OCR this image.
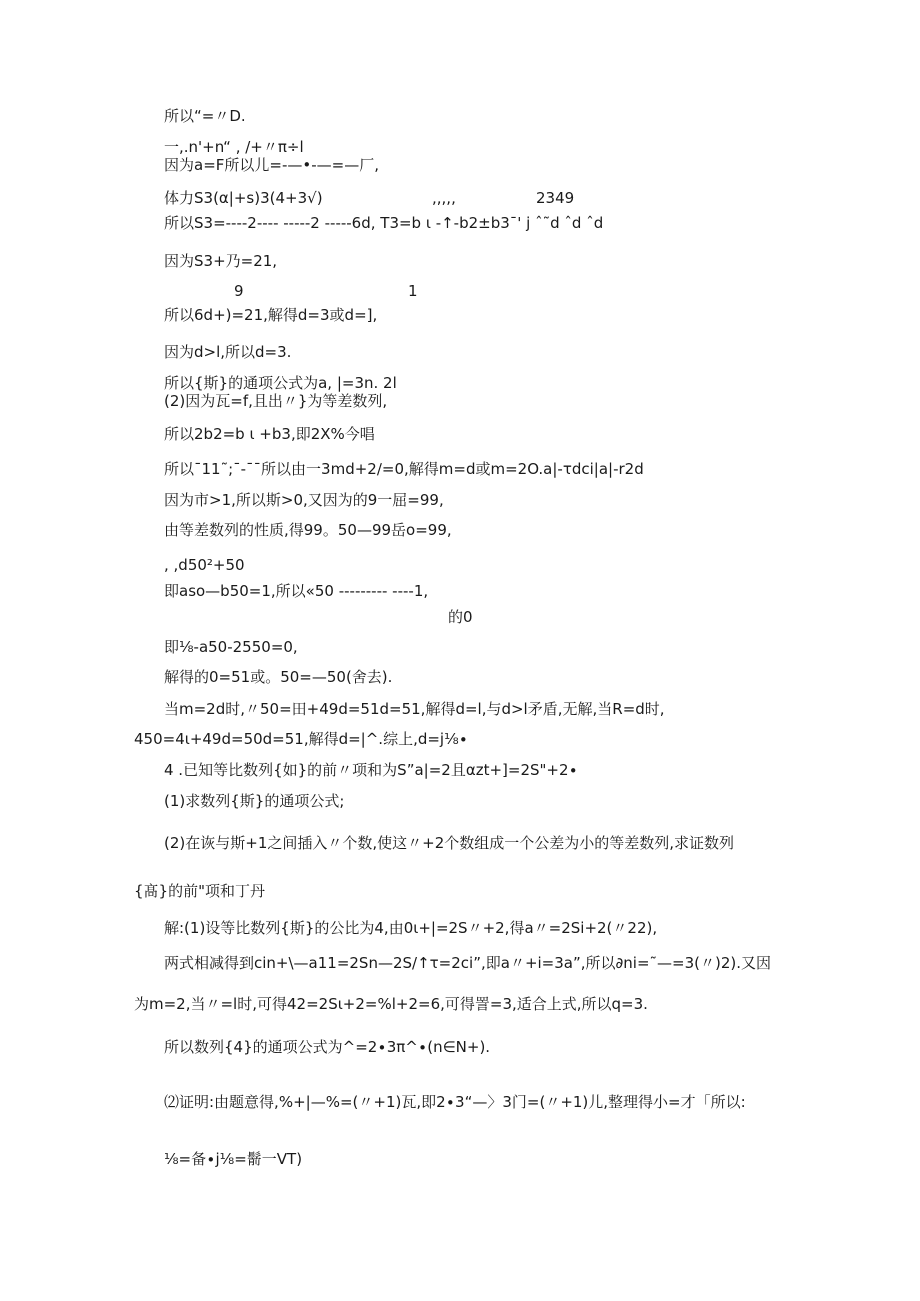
所以“=〃D.
一,.n'+n“ , /+〃π÷l
因为a=F所以儿=-—•-—=—厂,
体力S3(α|+s)3(4+3√)	,,,,,	2349
所以S3=----2---- -----2 -----6d, T3=b ι -↑-b2±b3ˉ' j ˆ˜d ˆd ˆd
因为S3+乃=21,
9	1
所以6d+)=21,解得d=3或d=],
因为d>l,所以d=3.
所以{斯}的通项公式为a, |=3n. 2l
(2)因为瓦=f,且出〃}为等差数列,
所以2b2=b ι +b3,即2X%今唱
所以ˉ11˜;ˉ-ˉˉ所以由一3md+2∕=0,解得m=d或m=2O.a|-τdci|a|-r2d
因为市>1,所以斯>0,又因为的9一屈=99,
由等差数列的性质,得99。50—99岳o=99,
, ,d50²+50
即aso—b50=1,所以«50 --------- ----1,
的0
即⅛-a50-2550=0,
解得的0=51或。50=—50(舍去).
当m=2d时,〃50=田+49d=51d=51,解得d=l,与d>l矛盾,无解,当R=d时,
450=4ι+49d=50d=51,解得d=|^.综上,d=j⅛∙
4 .已知等比数列{如}的前〃项和为S”a|=2且αzt+]=2S"+2∙
(1)求数列{斯}的通项公式;
(2)在诙与斯+1之间插入〃个数,使这〃+2个数组成一个公差为小的等差数列,求证数列
{髙}的前"项和丁丹
解:(1)设等比数列{斯}的公比为4,由0ι+|=2S〃+2,得a〃=2Si+2(〃22),
两式相减得到cin+\—a11=2Sn—2S/↑τ=2ci”,即a〃+i=3a”,所以∂ni=˜—=3(〃)2).又因
为m=2,当〃=l时,可得42=2Sι+2=%l+2=6,可得詈=3,适合上式,所以q=3.
所以数列{4}的通项公式为^=2∙3π^∙(n∈N+).
⑵证明:由题意得,%+|—%=(〃+1)瓦,即2∙3“—〉3门=(〃+1)儿,整理得小=才「所以:
⅛=备∙j⅛=鬋一VT)
